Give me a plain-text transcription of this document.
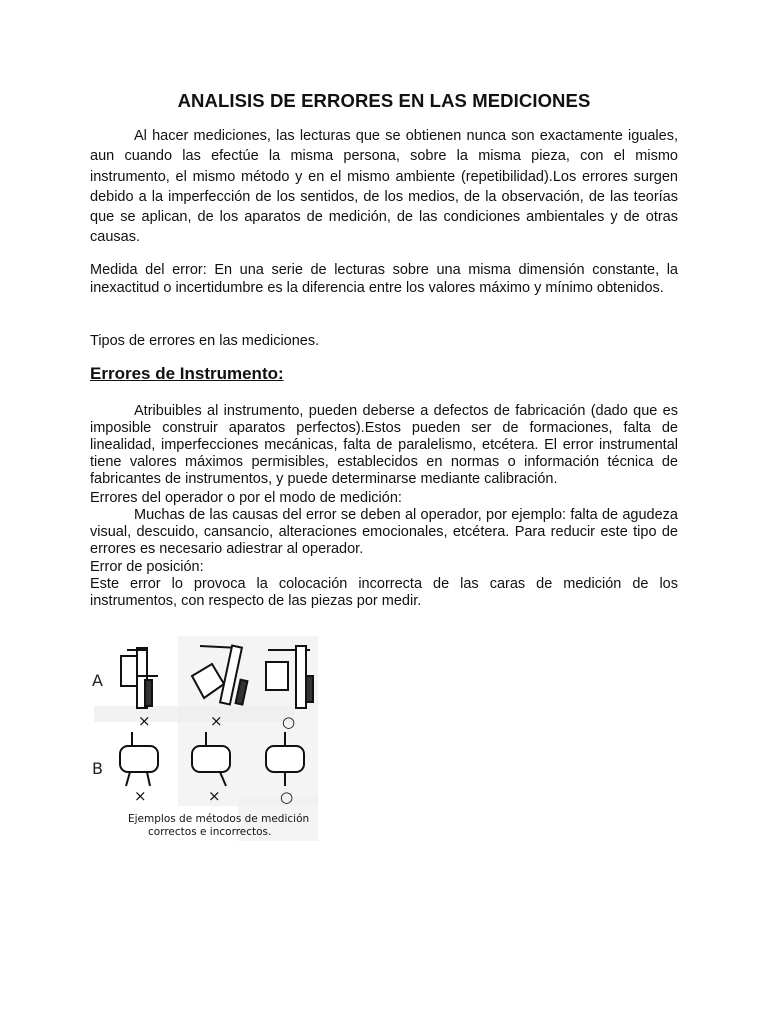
ANALISIS DE ERRORES EN LAS MEDICIONES
Al hacer mediciones, las lecturas que se obtienen nunca son exactamente iguales, aun cuando las efectúe la misma persona, sobre la misma pieza, con el mismo instrumento, el mismo método y en el mismo ambiente (repetibilidad).Los errores surgen debido a la imperfección de los sentidos, de los medios, de la observación, de las teorías que se aplican, de los aparatos de medición, de las condiciones ambientales y de otras causas.
Medida del error: En una serie de lecturas sobre una misma dimensión constante, la inexactitud o incertidumbre es la diferencia entre los valores máximo y mínimo obtenidos.
Tipos de errores en las mediciones.
Errores de Instrumento:
Atribuibles al instrumento, pueden deberse a defectos de fabricación (dado que es imposible construir aparatos perfectos).Estos pueden ser de formaciones, falta de linealidad, imperfecciones mecánicas, falta de paralelismo, etcétera. El error instrumental tiene valores máximos permisibles, establecidos en normas o información técnica de fabricantes de instrumentos, y puede determinarse mediante calibración.
Errores del operador o por el modo de medición:
Muchas de las causas del error se deben al operador, por ejemplo: falta de agudeza visual, descuido, cansancio, alteraciones emocionales, etcétera. Para reducir este tipo de errores es necesario adiestrar al operador.
Error de posición:
Este error lo provoca la colocación incorrecta de las caras de medición de los instrumentos, con respecto de las piezas por medir.
A
B
×	×	○
×	×	○
Ejemplos de métodos de medición
correctos e incorrectos.
